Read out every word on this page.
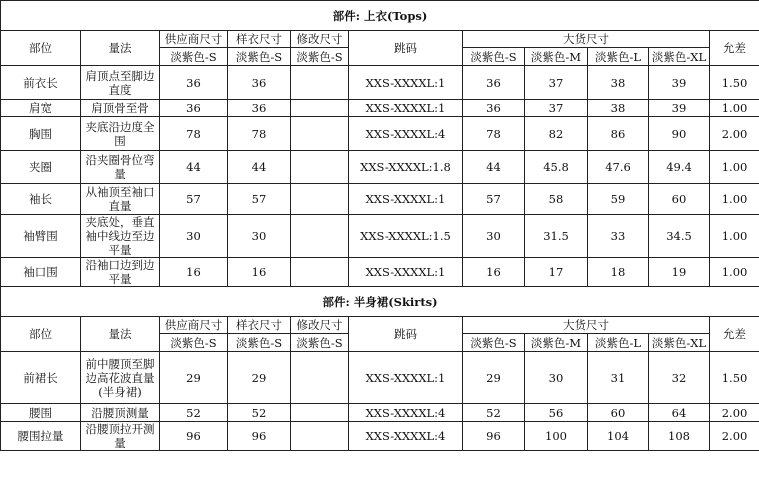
部件: 上衣(Tops)										
部位	量法	供应商尺寸	样衣尺寸	修改尺寸	跳码	大货尺寸				允差
		淡紫色-S	淡紫色-S	淡紫色-S		淡紫色-S	淡紫色-M	淡紫色-L	淡紫色-XL	
前衣长	肩顶点至脚边直度	36	36		XXS-XXXXL:1	36	37	38	39	1.50
肩宽	肩顶骨至骨	36	36		XXS-XXXXL:1	36	37	38	39	1.00
胸围	夹底沿边度全围	78	78		XXS-XXXXL:4	78	82	86	90	2.00
夹圈	沿夹圈骨位弯量	44	44		XXS-XXXXL:1.8	44	45.8	47.6	49.4	1.00
袖长	从袖顶至袖口直量	57	57		XXS-XXXXL:1	57	58	59	60	1.00
袖臂围	夹底处，垂直袖中线边至边平量	30	30		XXS-XXXXL:1.5	30	31.5	33	34.5	1.00
袖口围	沿袖口边到边平量	16	16		XXS-XXXXL:1	16	17	18	19	1.00
部件: 半身裙(Skirts)										
部位	量法	供应商尺寸	样衣尺寸	修改尺寸	跳码	大货尺寸				允差
		淡紫色-S	淡紫色-S	淡紫色-S		淡紫色-S	淡紫色-M	淡紫色-L	淡紫色-XL	
前裙长	前中腰顶至脚边高花波直量(半身裙)	29	29		XXS-XXXXL:1	29	30	31	32	1.50
腰围	沿腰顶测量	52	52		XXS-XXXXL:4	52	56	60	64	2.00
腰围拉量	沿腰顶拉开测量	96	96		XXS-XXXXL:4	96	100	104	108	2.00
